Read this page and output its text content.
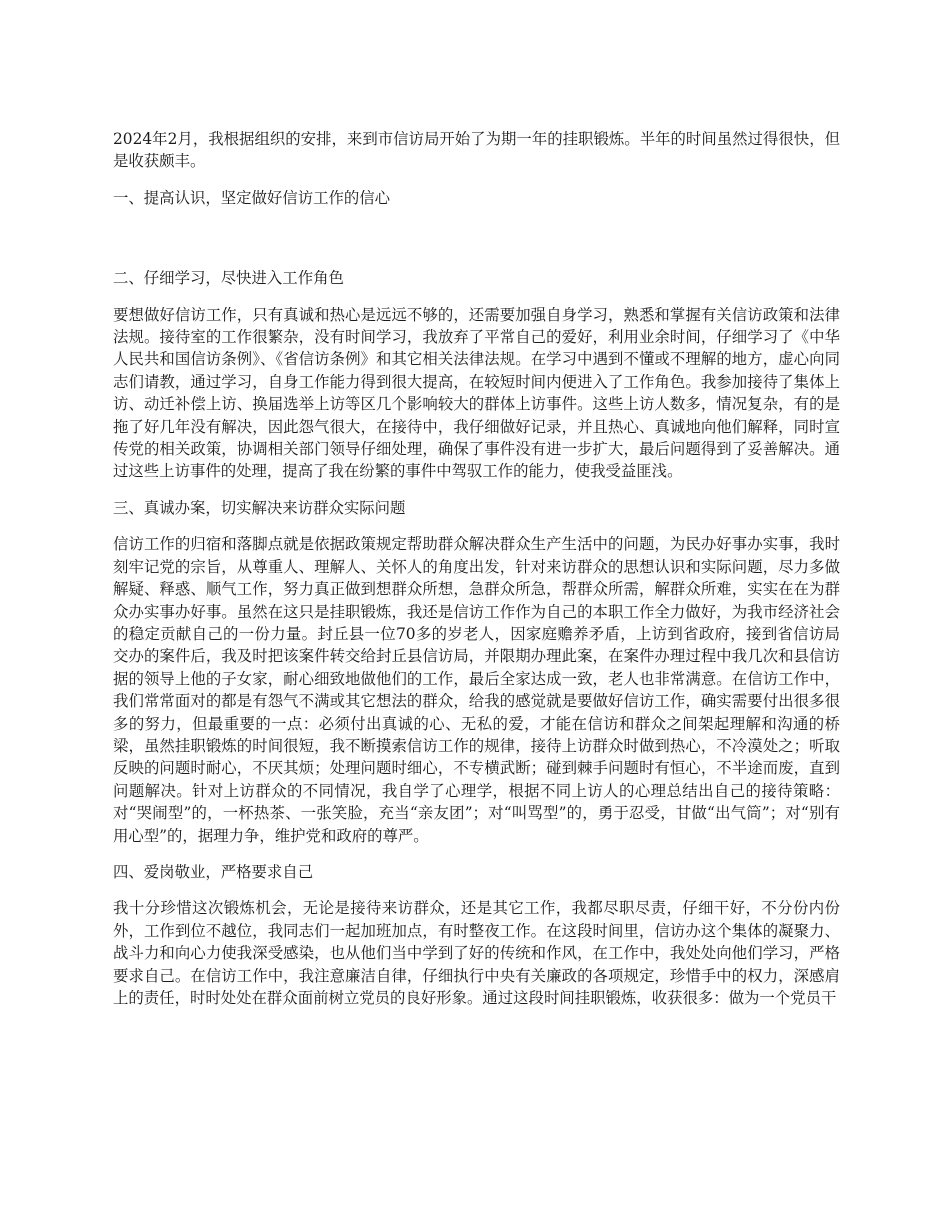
2024年2月，我根据组织的安排，来到市信访局开始了为期一年的挂职锻炼。半年的时间虽然过得很快，但是收获颇丰。

一、提高认识，坚定做好信访工作的信心

二、仔细学习，尽快进入工作角色

要想做好信访工作，只有真诚和热心是远远不够的，还需要加强自身学习，熟悉和掌握有关信访政策和法律法规。接待室的工作很繁杂，没有时间学习，我放弃了平常自己的爱好，利用业余时间，仔细学习了《中华人民共和国信访条例》、《省信访条例》和其它相关法律法规。在学习中遇到不懂或不理解的地方，虚心向同志们请教，通过学习，自身工作能力得到很大提高，在较短时间内便进入了工作角色。我参加接待了集体上访、动迁补偿上访、换届选举上访等区几个影响较大的群体上访事件。这些上访人数多，情况复杂，有的是拖了好几年没有解决，因此怨气很大，在接待中，我仔细做好记录，并且热心、真诚地向他们解释，同时宣传党的相关政策，协调相关部门领导仔细处理，确保了事件没有进一步扩大，最后问题得到了妥善解决。通过这些上访事件的处理，提高了我在纷繁的事件中驾驭工作的能力，使我受益匪浅。

三、真诚办案，切实解决来访群众实际问题

信访工作的归宿和落脚点就是依据政策规定帮助群众解决群众生产生活中的问题，为民办好事办实事，我时刻牢记党的宗旨，从尊重人、理解人、关怀人的角度出发，针对来访群众的思想认识和实际问题，尽力多做解疑、释惑、顺气工作，努力真正做到想群众所想，急群众所急，帮群众所需，解群众所难，实实在在为群众办实事办好事。虽然在这只是挂职锻炼，我还是信访工作作为自己的本职工作全力做好，为我市经济社会的稳定贡献自己的一份力量。封丘县一位70多的岁老人，因家庭赡养矛盾，上访到省政府，接到省信访局交办的案件后，我及时把该案件转交给封丘县信访局，并限期办理此案，在案件办理过程中我几次和县信访据的领导上他的子女家，耐心细致地做他们的工作，最后全家达成一致，老人也非常满意。在信访工作中，我们常常面对的都是有怨气不满或其它想法的群众，给我的感觉就是要做好信访工作，确实需要付出很多很多的努力，但最重要的一点：必须付出真诚的心、无私的爱，才能在信访和群众之间架起理解和沟通的桥梁，虽然挂职锻炼的时间很短，我不断摸索信访工作的规律，接待上访群众时做到热心，不冷漠处之；听取反映的问题时耐心，不厌其烦；处理问题时细心，不专横武断；碰到棘手问题时有恒心，不半途而废，直到问题解决。针对上访群众的不同情况，我自学了心理学，根据不同上访人的心理总结出自己的接待策略：对“哭闹型”的，一杯热茶、一张笑脸，充当“亲友团”；对“叫骂型”的，勇于忍受，甘做“出气筒”；对“别有用心型”的，据理力争，维护党和政府的尊严。

四、爱岗敬业，严格要求自己

我十分珍惜这次锻炼机会，无论是接待来访群众，还是其它工作，我都尽职尽责，仔细干好，不分份内份外，工作到位不越位，我同志们一起加班加点，有时整夜工作。在这段时间里，信访办这个集体的凝聚力、战斗力和向心力使我深受感染，也从他们当中学到了好的传统和作风，在工作中，我处处向他们学习，严格要求自己。在信访工作中，我注意廉洁自律，仔细执行中央有关廉政的各项规定，珍惜手中的权力，深感肩上的责任，时时处处在群众面前树立党员的良好形象。通过这段时间挂职锻炼，收获很多：做为一个党员干
